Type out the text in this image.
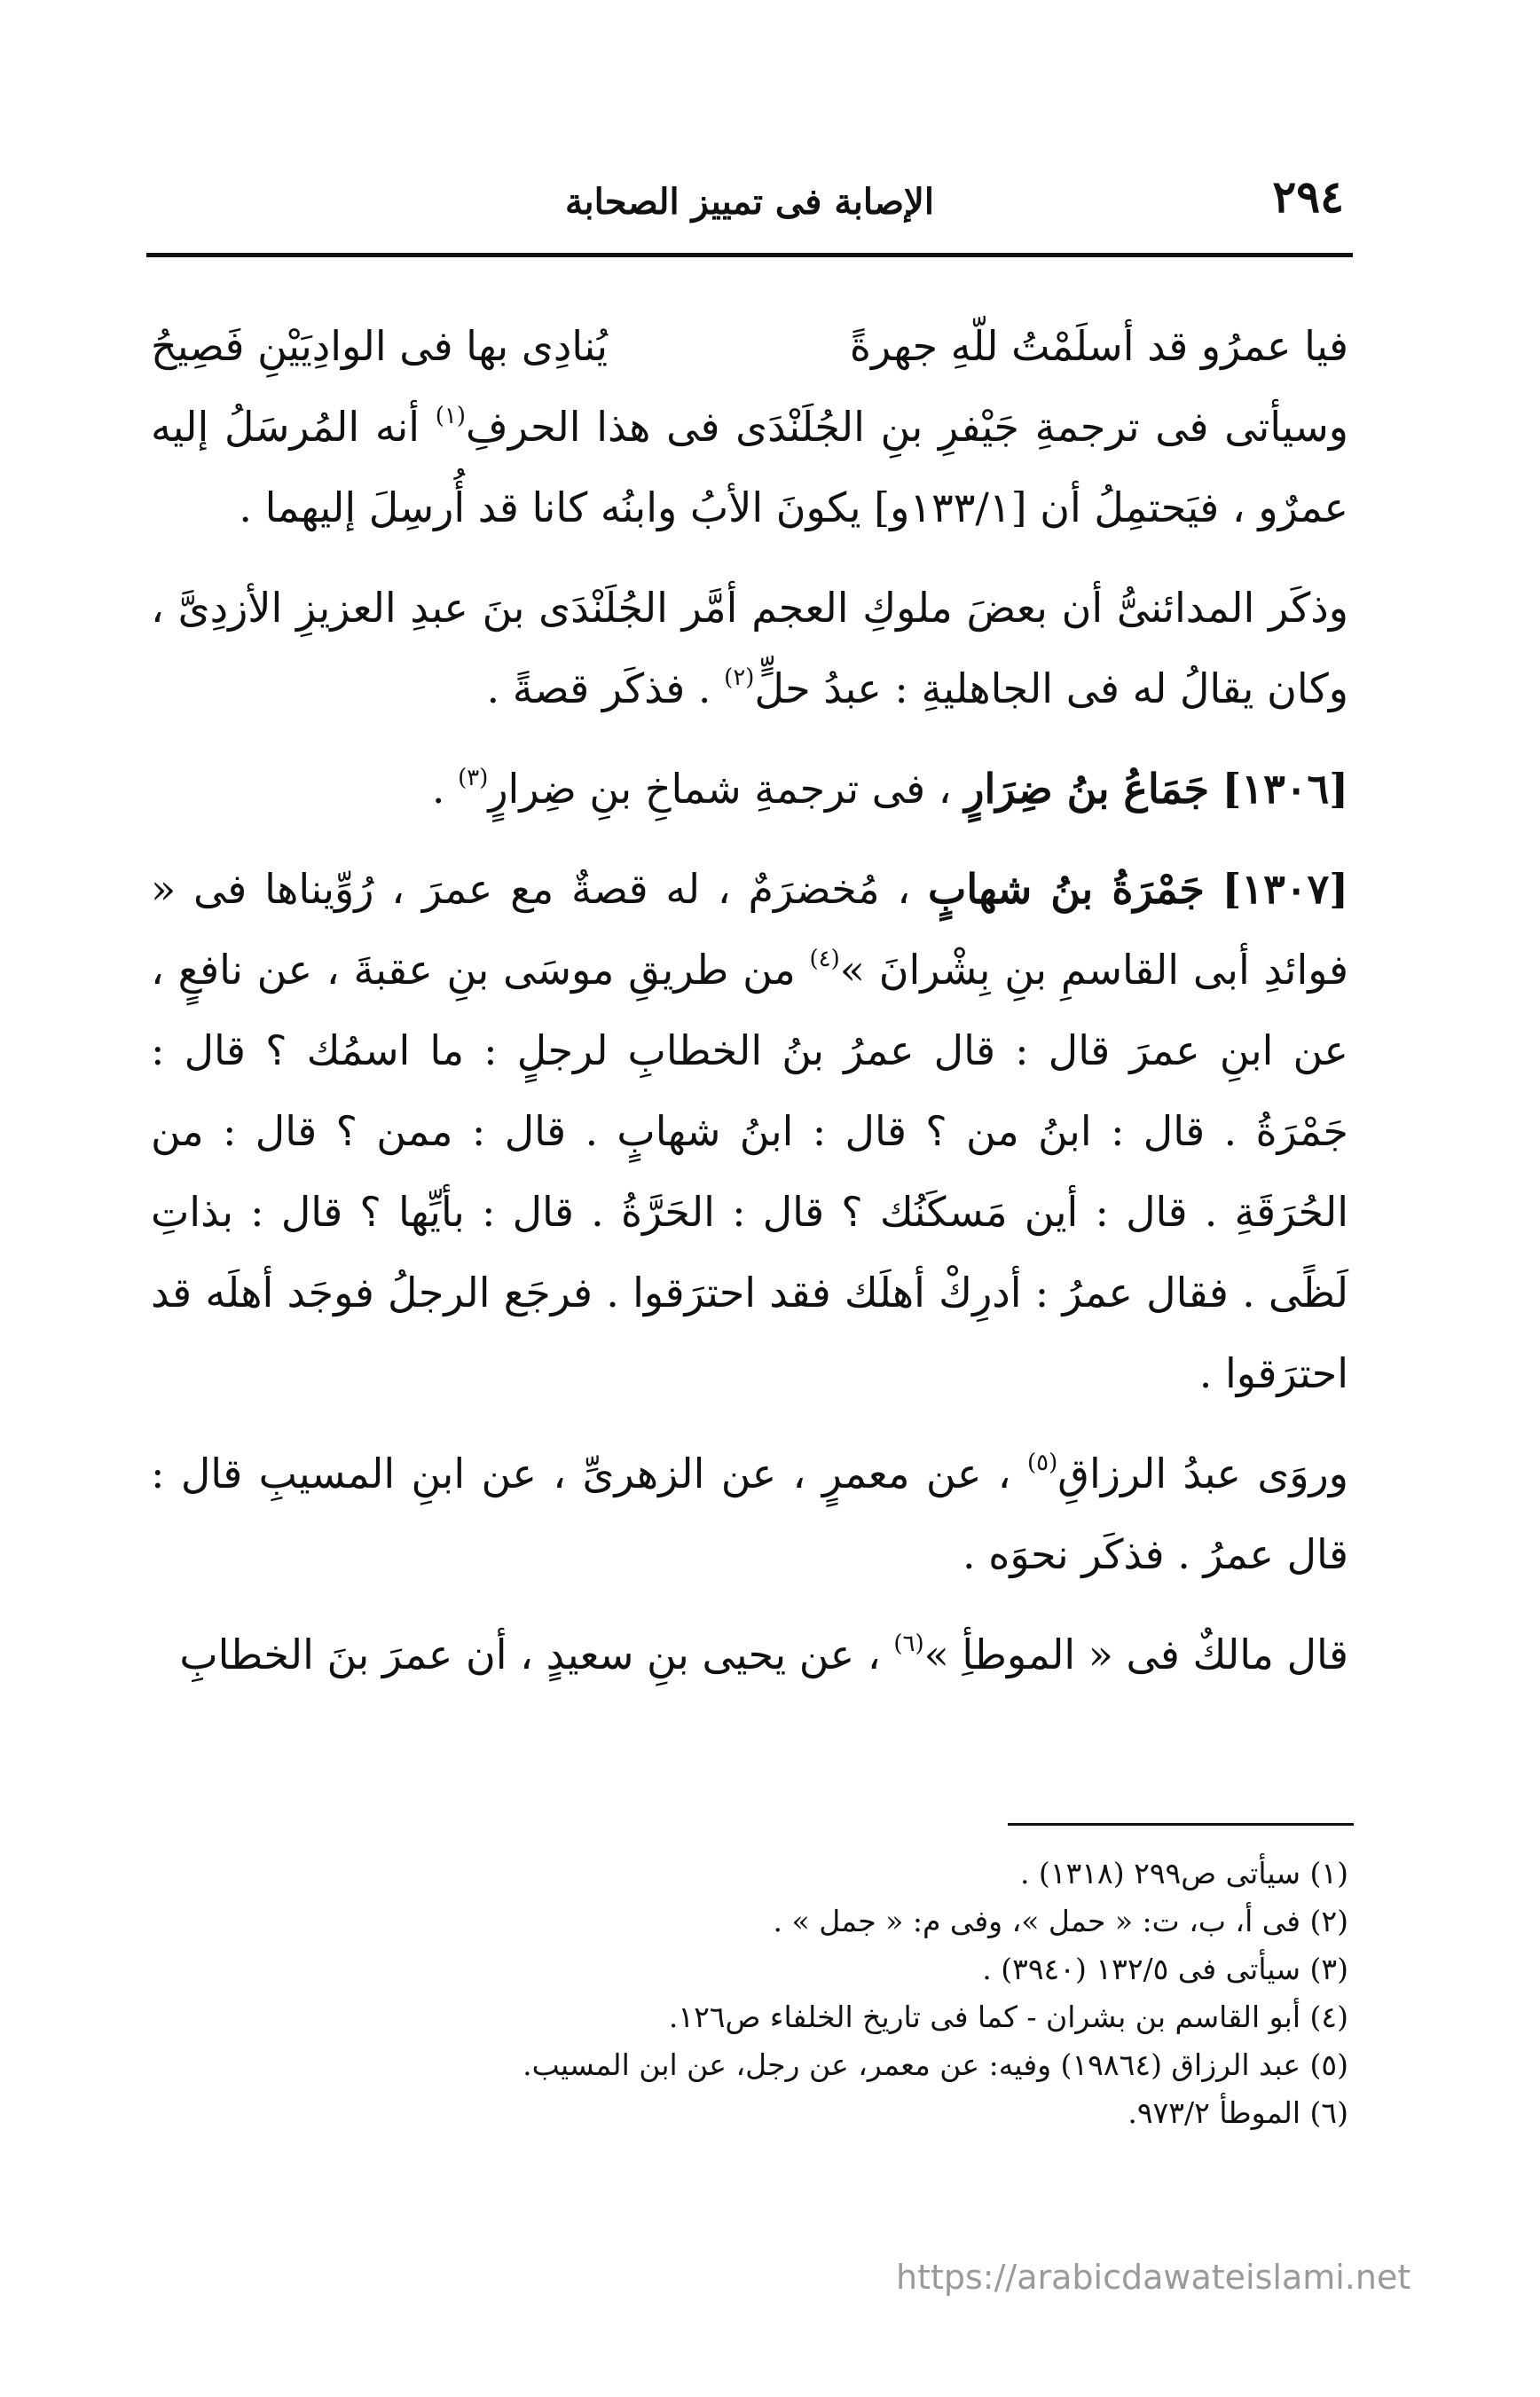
٢٩٤
الإصابة فى تمييز الصحابة
فيا عمرُو قد أسلَمْتُ للّهِ جهرةً
يُنادِى بها فى الوادِيَيْنِ فَصِيحُ

وسيأتى فى ترجمةِ جَيْفرِ بنِ الجُلَنْدَى فى هذا الحرفِ$^{(١)}$ أنه المُرسَلُ إليه عمرٌو ، فيَحتمِلُ أن [١٣٣/١و] يكونَ الأبُ وابنُه كانا قد أُرسِلَ إليهما .

وذكَر المدائنىُّ أن بعضَ ملوكِ العجم أمَّر الجُلَنْدَى بنَ عبدِ العزيزِ الأزدِىَّ ، وكان يقالُ له فى الجاهليةِ : عبدُ حلٍّ$^{(٢)}$ . فذكَر قصةً .

[١٣٠٦] جَمَاعُ بنُ ضِرَارٍ ، فى ترجمةِ شماخِ بنِ ضِرارٍ$^{(٣)}$ .

[١٣٠٧] جَمْرَةُ بنُ شهابٍ ، مُخضرَمٌ ، له قصةٌ مع عمرَ ، رُوِّيناها فى « فوائدِ أبى القاسمِ بنِ بِشْرانَ »$^{(٤)}$ من طريقِ موسَى بنِ عقبةَ ، عن نافعٍ ، عن ابنِ عمرَ قال : قال عمرُ بنُ الخطابِ لرجلٍ : ما اسمُك ؟ قال : جَمْرَةُ . قال : ابنُ من ؟ قال : ابنُ شهابٍ . قال : ممن ؟ قال : من الحُرَقَةِ . قال : أين مَسكَنُك ؟ قال : الحَرَّةُ . قال : بأيِّها ؟ قال : بذاتِ لَظًى . فقال عمرُ : أدرِكْ أهلَك فقد احترَقوا . فرجَع الرجلُ فوجَد أهلَه قد احترَقوا .

وروَى عبدُ الرزاقِ$^{(٥)}$ ، عن معمرٍ ، عن الزهرىِّ ، عن ابنِ المسيبِ قال : قال عمرُ . فذكَر نحوَه .

قال مالكٌ فى « الموطأِ »$^{(٦)}$ ، عن يحيى بنِ سعيدٍ ، أن عمرَ بنَ الخطابِ

(١) سيأتى ص٢٩٩ (١٣١٨) .
(٢) فى أ، ب، ت: « حمل »، وفى م: « جمل » .
(٣) سيأتى فى ١٣٢/٥ (٣٩٤٠) .
(٤) أبو القاسم بن بشران - كما فى تاريخ الخلفاء ص١٢٦.
(٥) عبد الرزاق (١٩٨٦٤) وفيه: عن معمر، عن رجل، عن ابن المسيب.
(٦) الموطأ ٩٧٣/٢.
https://arabicdawateislami.net
